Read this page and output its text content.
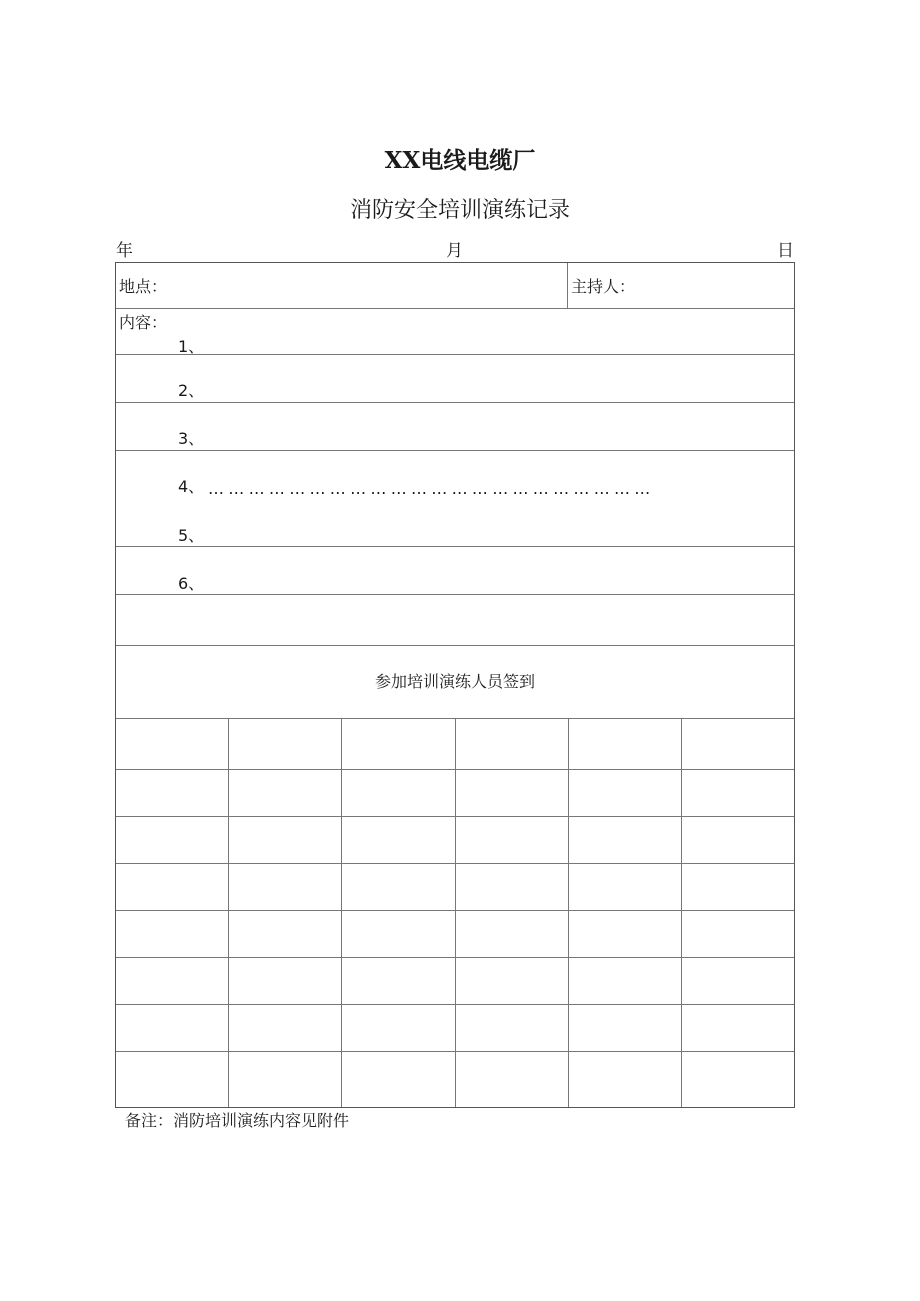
XX电线电缆厂
消防安全培训演练记录
年	月	日
地点：	主持人：
内容：
1、
2、
3、
4、 …………………………………………………………
5、
6、
参加培训演练人员签到
备注：消防培训演练内容见附件
